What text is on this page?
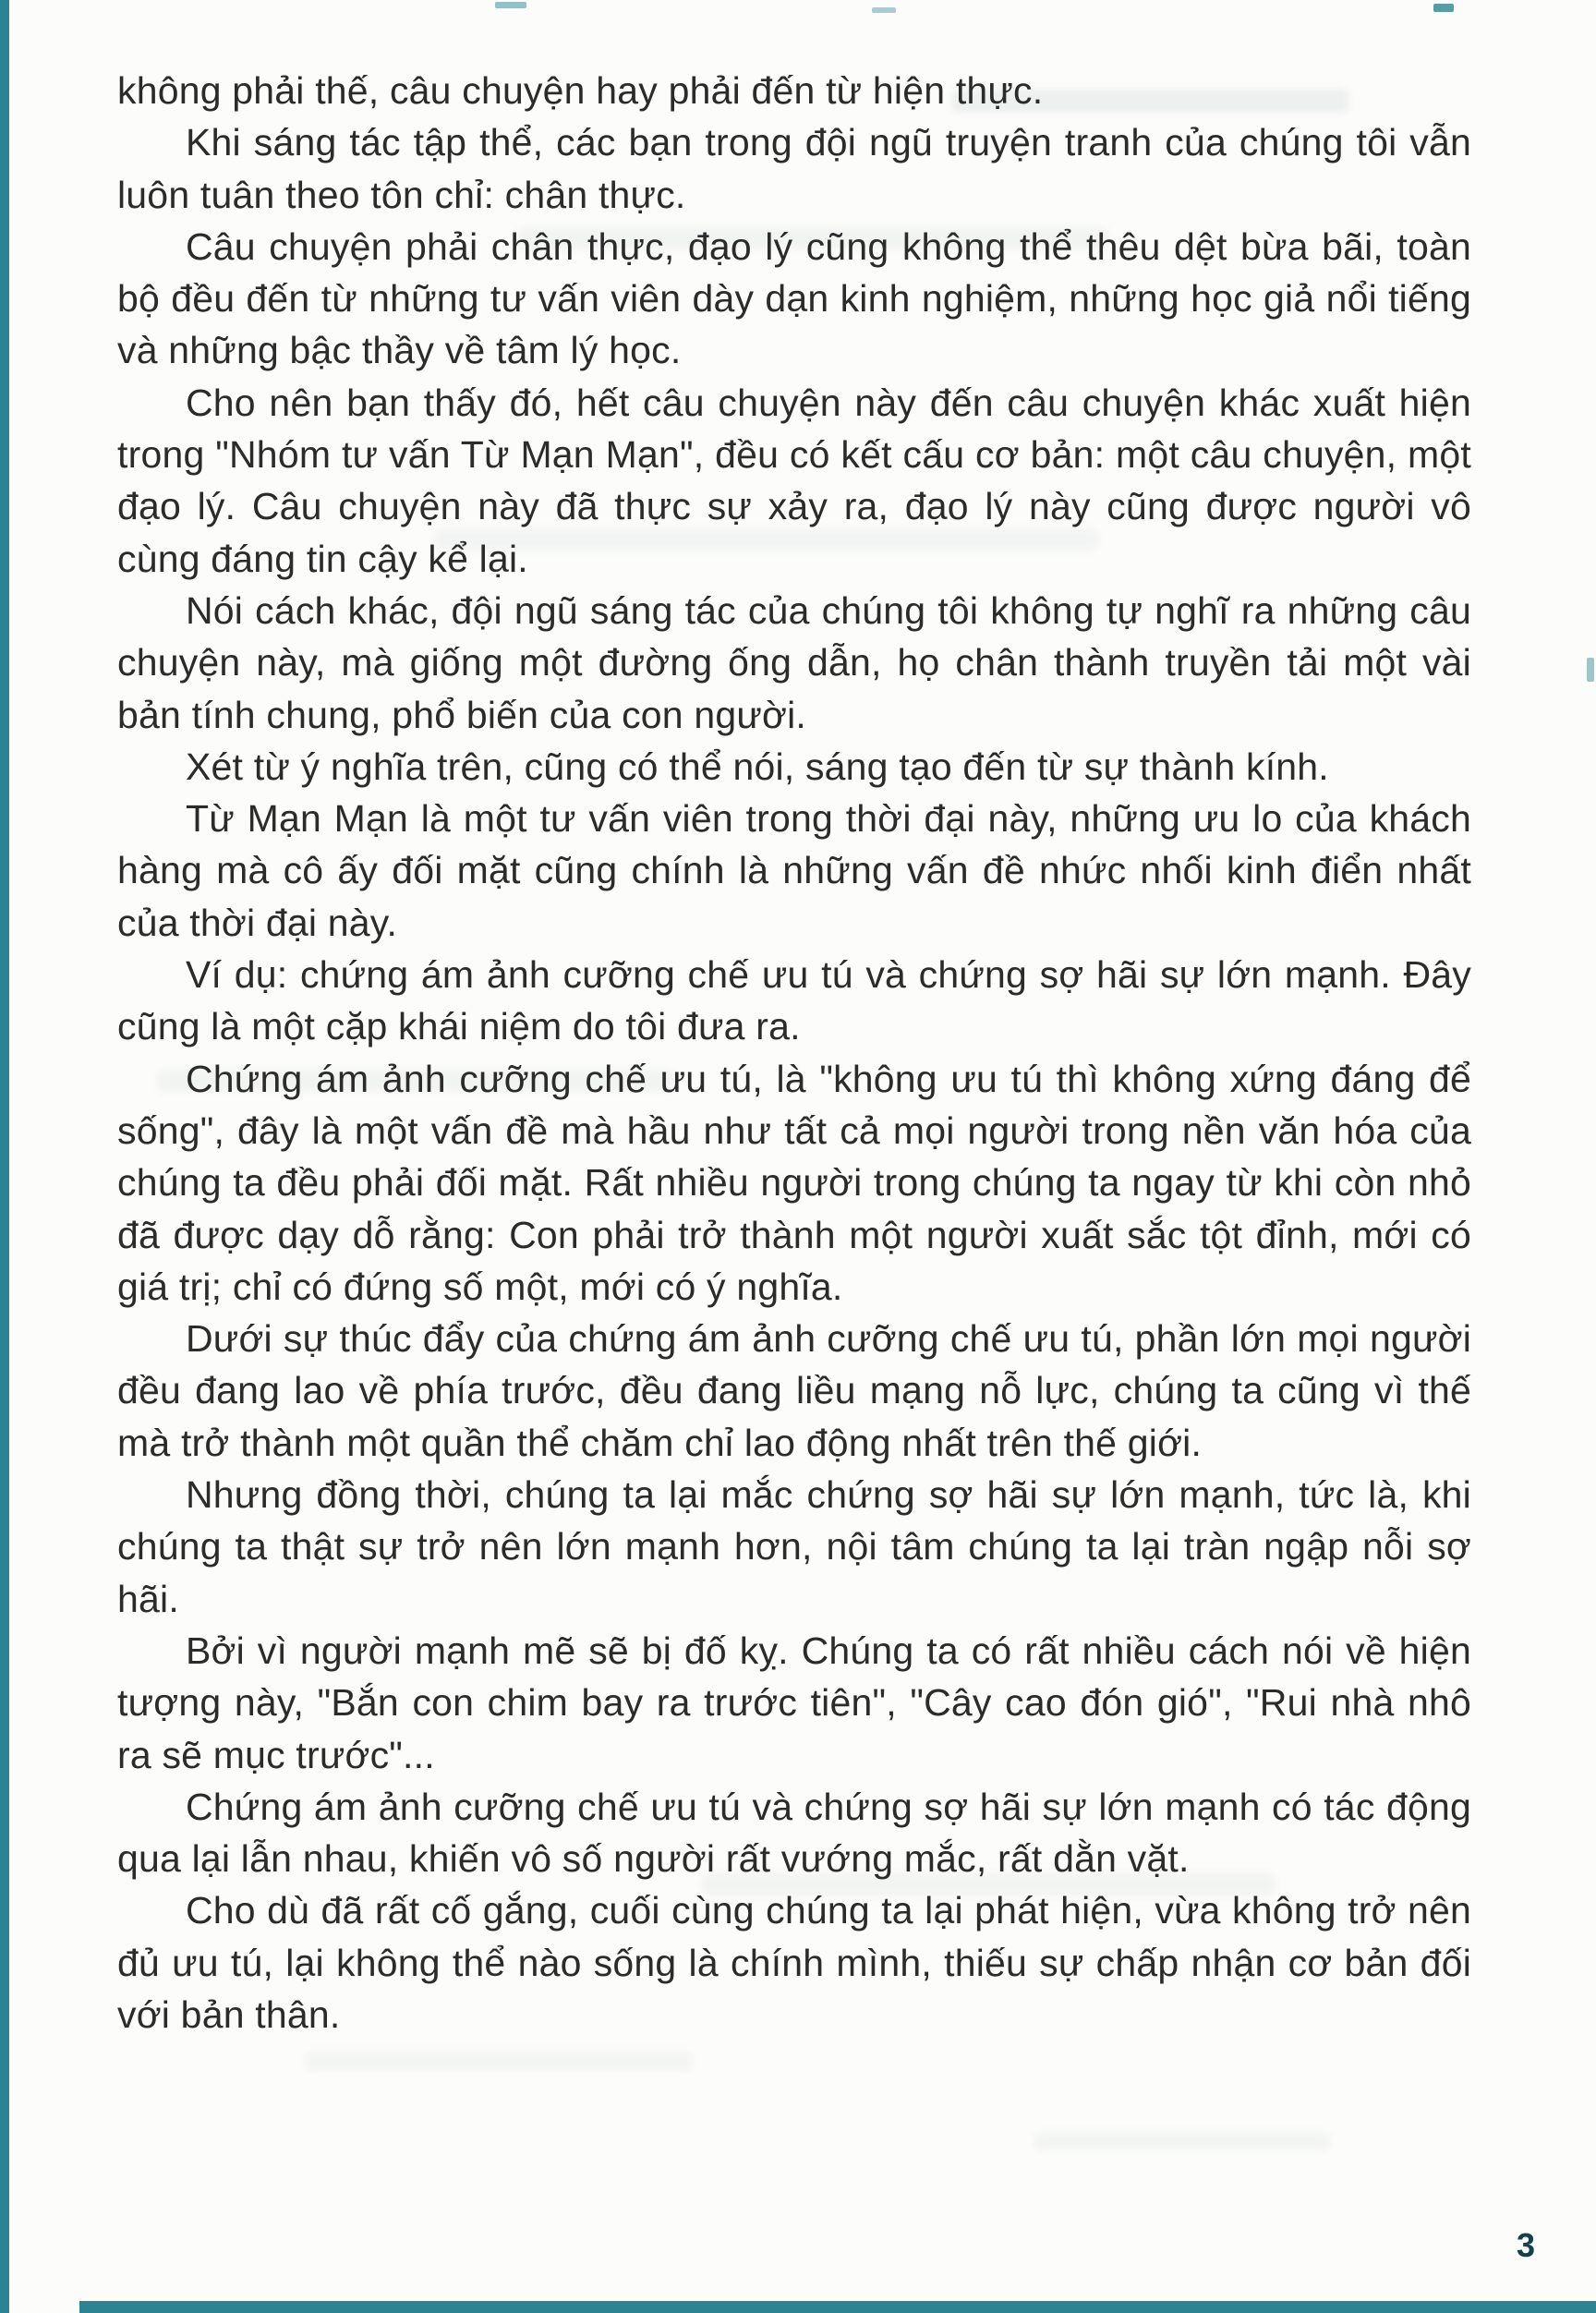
không phải thế, câu chuyện hay phải đến từ hiện thực.

Khi sáng tác tập thể, các bạn trong đội ngũ truyện tranh của chúng tôi vẫn luôn tuân theo tôn chỉ: chân thực.

Câu chuyện phải chân thực, đạo lý cũng không thể thêu dệt bừa bãi, toàn bộ đều đến từ những tư vấn viên dày dạn kinh nghiệm, những học giả nổi tiếng và những bậc thầy về tâm lý học.

Cho nên bạn thấy đó, hết câu chuyện này đến câu chuyện khác xuất hiện trong "Nhóm tư vấn Từ Mạn Mạn", đều có kết cấu cơ bản: một câu chuyện, một đạo lý. Câu chuyện này đã thực sự xảy ra, đạo lý này cũng được người vô cùng đáng tin cậy kể lại.

Nói cách khác, đội ngũ sáng tác của chúng tôi không tự nghĩ ra những câu chuyện này, mà giống một đường ống dẫn, họ chân thành truyền tải một vài bản tính chung, phổ biến của con người.

Xét từ ý nghĩa trên, cũng có thể nói, sáng tạo đến từ sự thành kính.

Từ Mạn Mạn là một tư vấn viên trong thời đại này, những ưu lo của khách hàng mà cô ấy đối mặt cũng chính là những vấn đề nhức nhối kinh điển nhất của thời đại này.

Ví dụ: chứng ám ảnh cưỡng chế ưu tú và chứng sợ hãi sự lớn mạnh. Đây cũng là một cặp khái niệm do tôi đưa ra.

Chứng ám ảnh cưỡng chế ưu tú, là "không ưu tú thì không xứng đáng để sống", đây là một vấn đề mà hầu như tất cả mọi người trong nền văn hóa của chúng ta đều phải đối mặt. Rất nhiều người trong chúng ta ngay từ khi còn nhỏ đã được dạy dỗ rằng: Con phải trở thành một người xuất sắc tột đỉnh, mới có giá trị; chỉ có đứng số một, mới có ý nghĩa.

Dưới sự thúc đẩy của chứng ám ảnh cưỡng chế ưu tú, phần lớn mọi người đều đang lao về phía trước, đều đang liều mạng nỗ lực, chúng ta cũng vì thế mà trở thành một quần thể chăm chỉ lao động nhất trên thế giới.

Nhưng đồng thời, chúng ta lại mắc chứng sợ hãi sự lớn mạnh, tức là, khi chúng ta thật sự trở nên lớn mạnh hơn, nội tâm chúng ta lại tràn ngập nỗi sợ hãi.

Bởi vì người mạnh mẽ sẽ bị đố kỵ. Chúng ta có rất nhiều cách nói về hiện tượng này, "Bắn con chim bay ra trước tiên", "Cây cao đón gió", "Rui nhà nhô ra sẽ mục trước"...

Chứng ám ảnh cưỡng chế ưu tú và chứng sợ hãi sự lớn mạnh có tác động qua lại lẫn nhau, khiến vô số người rất vướng mắc, rất dằn vặt.

Cho dù đã rất cố gắng, cuối cùng chúng ta lại phát hiện, vừa không trở nên đủ ưu tú, lại không thể nào sống là chính mình, thiếu sự chấp nhận cơ bản đối với bản thân.

3
